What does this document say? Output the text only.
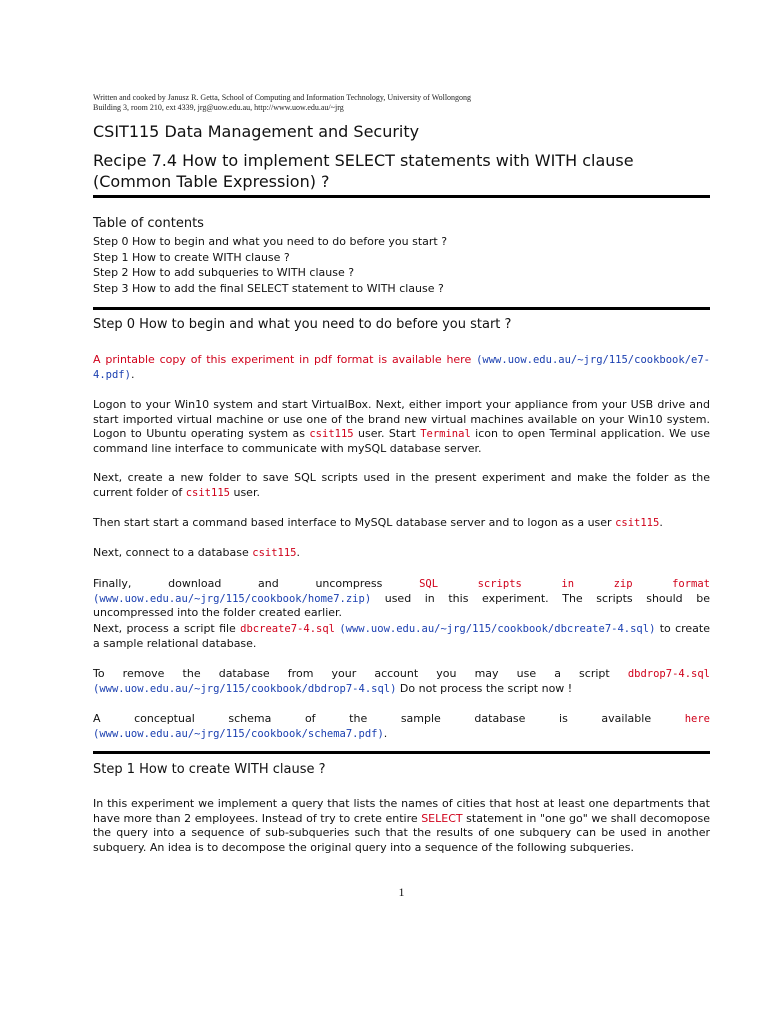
Written and cooked by Janusz R. Getta, School of Computing and Information Technology, University of Wollongong
Building 3, room 210, ext 4339, jrg@uow.edu.au, http://www.uow.edu.au/~jrg
CSIT115 Data Management and Security
Recipe 7.4 How to implement SELECT statements with WITH clause (Common Table Expression) ?
Table of contents
Step 0 How to begin and what you need to do before you start ?
Step 1 How to create WITH clause ?
Step 2 How to add subqueries to WITH clause ?
Step 3 How to add the final SELECT statement to WITH clause ?
Step 0 How to begin and what you need to do before you start ?
A printable copy of this experiment in pdf format is available here (www.uow.edu.au/~jrg/115/cookbook/e7-4.pdf).
Logon to your Win10 system and start VirtualBox. Next, either import your appliance from your USB drive and start imported virtual machine or use one of the brand new virtual machines available on your Win10 system. Logon to Ubuntu operating system as csit115 user. Start Terminal icon to open Terminal application. We use command line interface to communicate with mySQL database server.
Next, create a new folder to save SQL scripts used in the present experiment and make the folder as the current folder of csit115 user.
Then start start a command based interface to MySQL database server and to logon as a user csit115.
Next, connect to a database csit115.
Finally, download and uncompress SQL scripts in zip format (www.uow.edu.au/~jrg/115/cookbook/home7.zip) used in this experiment. The scripts should be uncompressed into the folder created earlier.
Next, process a script file dbcreate7-4.sql (www.uow.edu.au/~jrg/115/cookbook/dbcreate7-4.sql) to create a sample relational database.
To remove the database from your account you may use a script dbdrop7-4.sql (www.uow.edu.au/~jrg/115/cookbook/dbdrop7-4.sql) Do not process the script now !
A conceptual schema of the sample database is available here (www.uow.edu.au/~jrg/115/cookbook/schema7.pdf).
Step 1 How to create WITH clause ?
In this experiment we implement a query that lists the names of cities that host at least one departments that have more than 2 employees. Instead of try to crete entire SELECT statement in "one go" we shall decomopose the query into a sequence of sub-subqueries such that the results of one subquery can be used in another subquery. An idea is to decompose the original query into a sequence of the following subqueries.
1
